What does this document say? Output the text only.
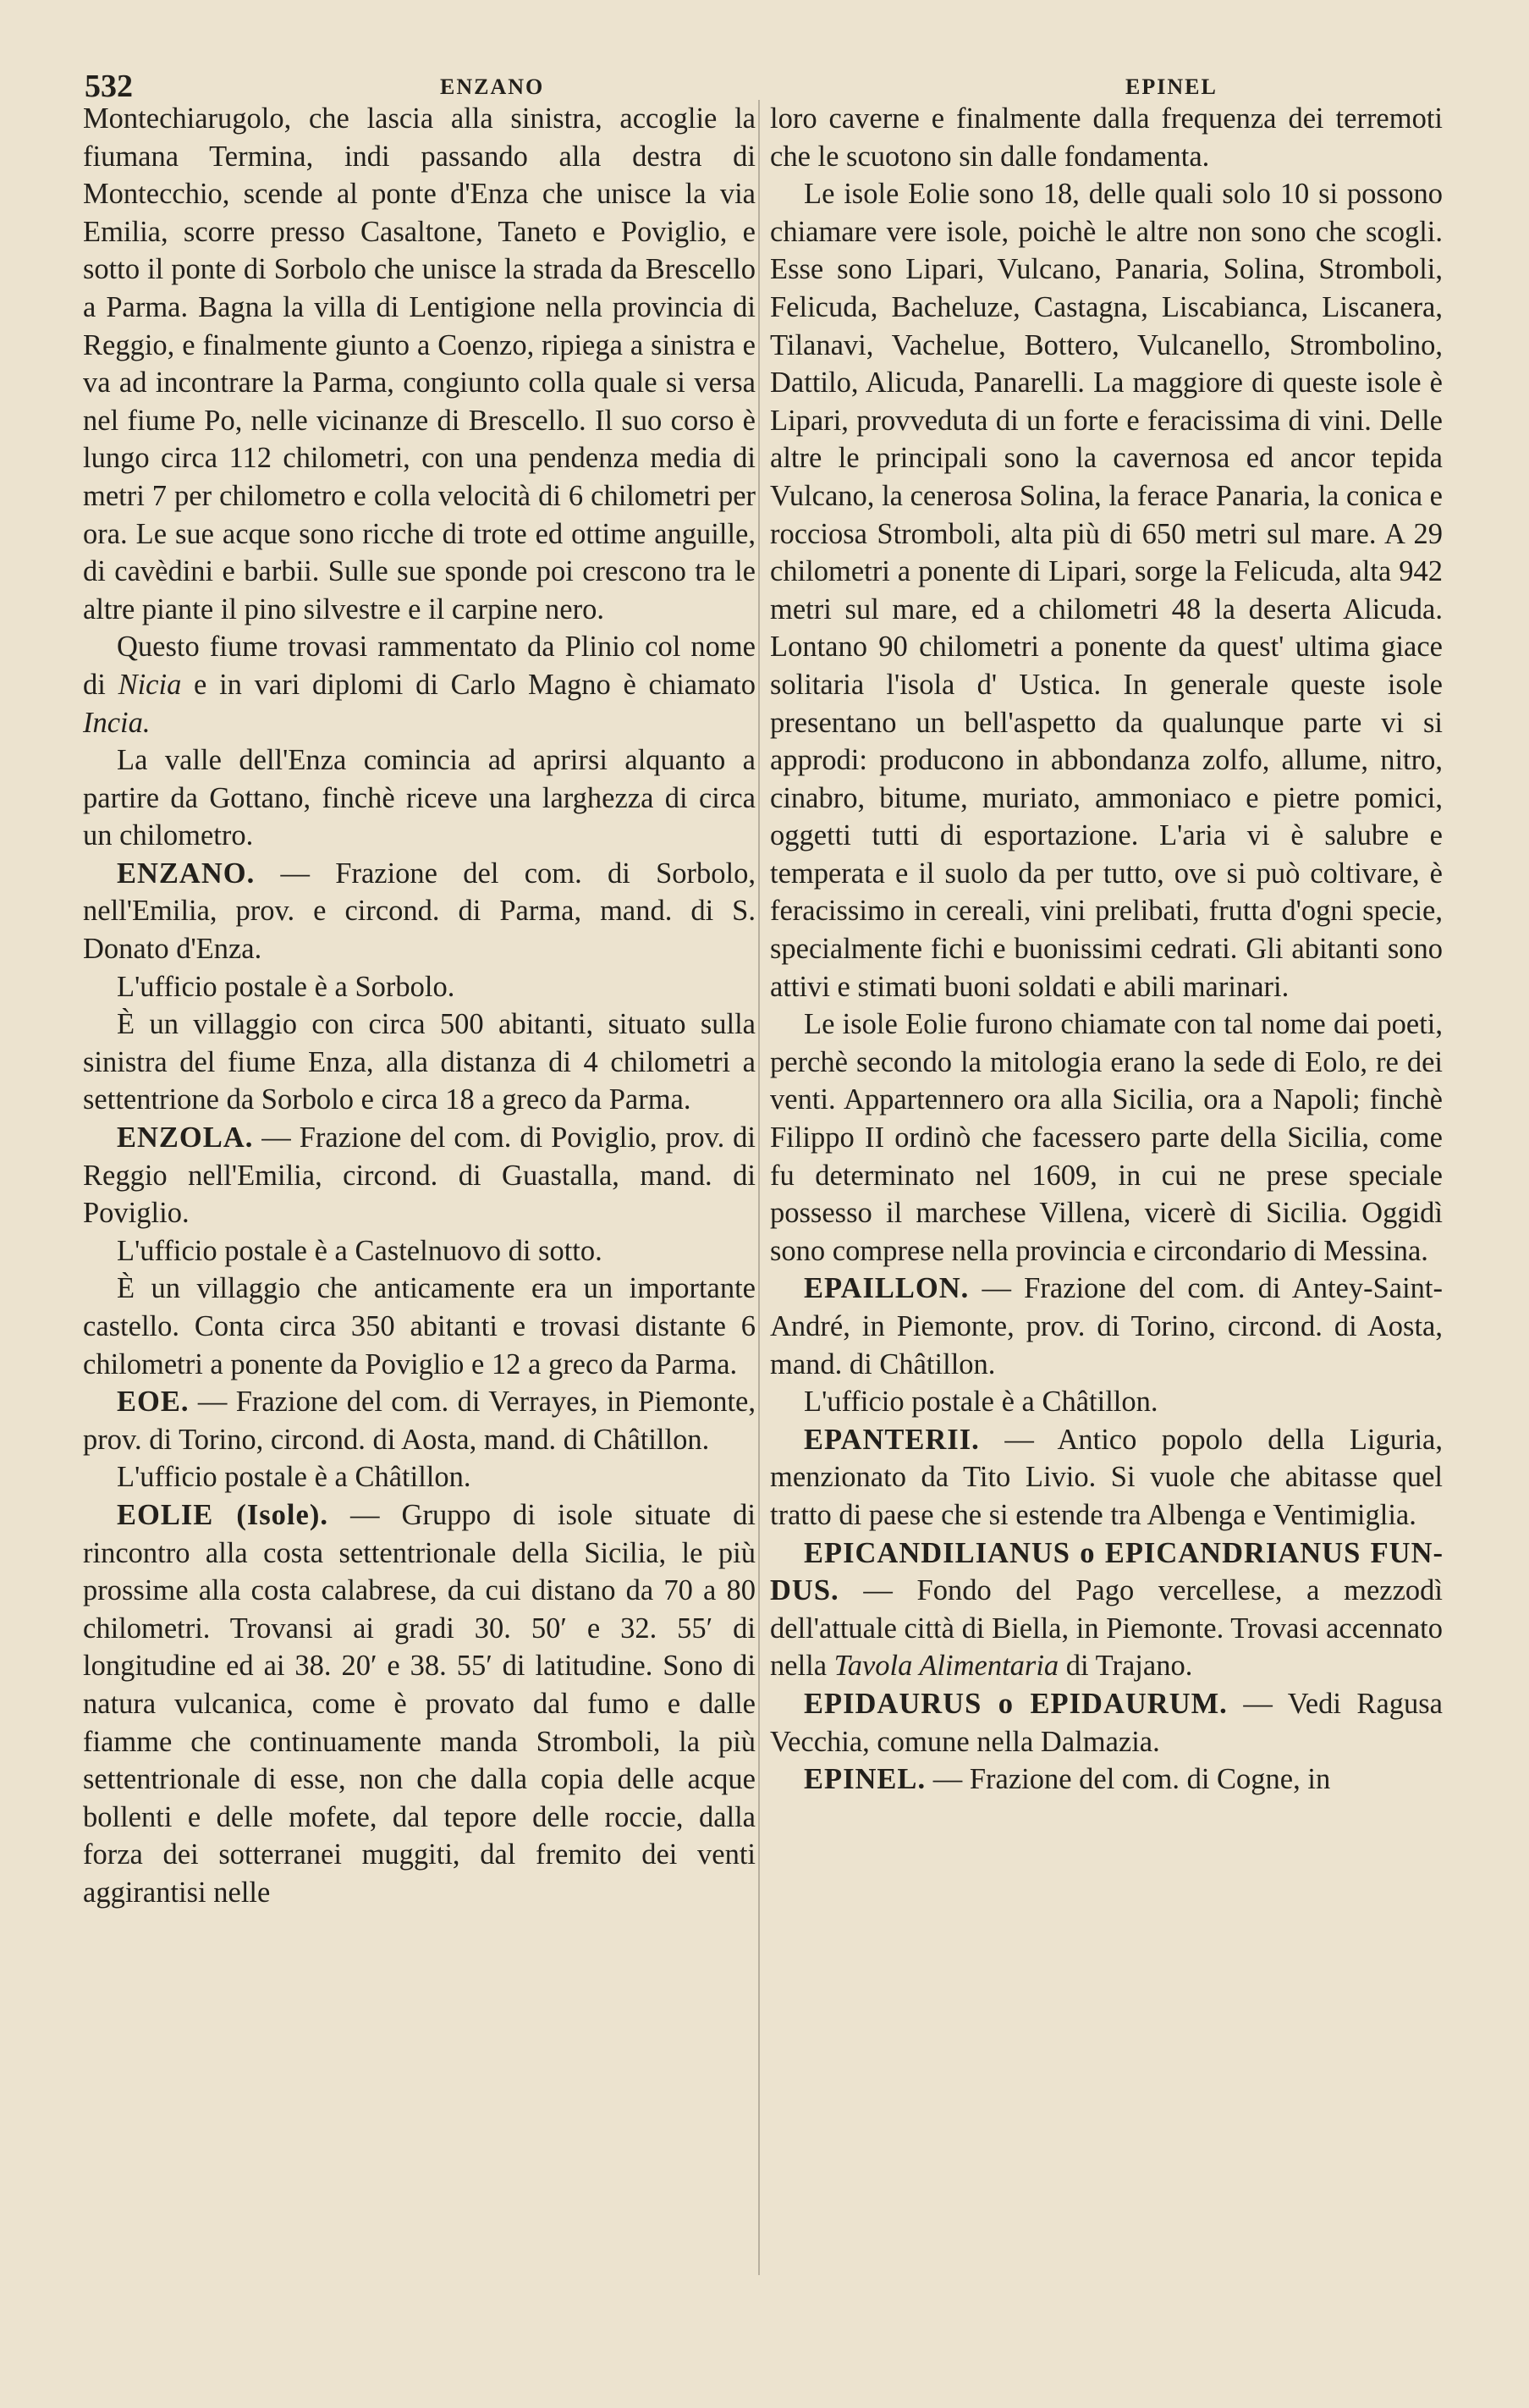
532	ENZANO	EPINEL

Montechiarugolo, che lascia alla sinistra, accoglie la fiumana Termina, indi passando alla destra di Montecchio, scende al ponte d'Enza che unisce la via Emilia, scorre presso Casaltone, Taneto e Poviglio, e sotto il ponte di Sorbolo che unisce la strada da Brescello a Parma. Bagna la villa di Lentigione nella provincia di Reggio, e finalmente giunto a Coenzo, ripiega a sinistra e va ad incontrare la Parma, congiunto colla quale si versa nel fiume Po, nelle vicinanze di Brescello. Il suo corso è lungo circa 112 chilometri, con una pendenza media di metri 7 per chilometro e colla velocità di 6 chilometri per ora. Le sue acque sono ricche di trote ed ottime anguille, di cavèdini e barbii. Sulle sue sponde poi crescono tra le altre piante il pino silvestre e il carpine nero.

Questo fiume trovasi rammentato da Plinio col nome di Nicia e in vari diplomi di Carlo Magno è chiamato Incia.

La valle dell'Enza comincia ad aprirsi alquanto a partire da Gottano, finchè riceve una larghezza di circa un chilometro.

ENZANO. — Frazione del com. di Sorbolo, nell'Emilia, prov. e circond. di Parma, mand. di S. Donato d'Enza.

L'ufficio postale è a Sorbolo.

È un villaggio con circa 500 abitanti, situato sulla sinistra del fiume Enza, alla distanza di 4 chilometri a settentrione da Sorbolo e circa 18 a greco da Parma.

ENZOLA. — Frazione del com. di Poviglio, prov. di Reggio nell'Emilia, circond. di Guastalla, mand. di Poviglio.

L'ufficio postale è a Castelnuovo di sotto.

È un villaggio che anticamente era un importante castello. Conta circa 350 abitanti e trovasi distante 6 chilometri a ponente da Poviglio e 12 a greco da Parma.

EOE. — Frazione del com. di Verrayes, in Piemonte, prov. di Torino, circond. di Aosta, mand. di Châtillon.

L'ufficio postale è a Châtillon.

EOLIE (Isole). — Gruppo di isole situate di rincontro alla costa settentrionale della Sicilia, le più prossime alla costa calabrese, da cui distano da 70 a 80 chilometri. Trovansi ai gradi 30. 50′ e 32. 55′ di longitudine ed ai 38. 20′ e 38. 55′ di latitudine. Sono di natura vulcanica, come è provato dal fumo e dalle fiamme che continuamente manda Stromboli, la più settentrionale di esse, non che dalla copia delle acque bollenti e delle mofete, dal tepore delle roccie, dalla forza dei sotterranei muggiti, dal fremito dei venti aggirantisi nelle

loro caverne e finalmente dalla frequenza dei terremoti che le scuotono sin dalle fondamenta.

Le isole Eolie sono 18, delle quali solo 10 si possono chiamare vere isole, poichè le altre non sono che scogli. Esse sono Lipari, Vulcano, Panaria, Solina, Stromboli, Felicuda, Bacheluze, Castagna, Liscabianca, Liscanera, Tilanavi, Vachelue, Bottero, Vulcanello, Strombolino, Dattilo, Alicuda, Panarelli. La maggiore di queste isole è Lipari, provveduta di un forte e feracissima di vini. Delle altre le principali sono la cavernosa ed ancor tepida Vulcano, la cenerosa Solina, la ferace Panaria, la conica e rocciosa Stromboli, alta più di 650 metri sul mare. A 29 chilometri a ponente di Lipari, sorge la Felicuda, alta 942 metri sul mare, ed a chilometri 48 la deserta Alicuda. Lontano 90 chilometri a ponente da quest' ultima giace solitaria l'isola d' Ustica. In generale queste isole presentano un bell'aspetto da qualunque parte vi si approdi: producono in abbondanza zolfo, allume, nitro, cinabro, bitume, muriato, ammoniaco e pietre pomici, oggetti tutti di esportazione. L'aria vi è salubre e temperata e il suolo da per tutto, ove si può coltivare, è feracissimo in cereali, vini prelibati, frutta d'ogni specie, specialmente fichi e buonissimi cedrati. Gli abitanti sono attivi e stimati buoni soldati e abili marinari.

Le isole Eolie furono chiamate con tal nome dai poeti, perchè secondo la mitologia erano la sede di Eolo, re dei venti. Appartennero ora alla Sicilia, ora a Napoli; finchè Filippo II ordinò che facessero parte della Sicilia, come fu determinato nel 1609, in cui ne prese speciale possesso il marchese Villena, vicerè di Sicilia. Oggidì sono comprese nella provincia e circondario di Messina.

EPAILLON. — Frazione del com. di Antey-Saint-André, in Piemonte, prov. di Torino, circond. di Aosta, mand. di Châtillon.

L'ufficio postale è a Châtillon.

EPANTERII. — Antico popolo della Liguria, menzionato da Tito Livio. Si vuole che abitasse quel tratto di paese che si estende tra Albenga e Ventimiglia.

EPICANDILIANUS o EPICANDRIANUS FUNDUS. — Fondo del Pago vercellese, a mezzodì dell'attuale città di Biella, in Piemonte. Trovasi accennato nella Tavola Alimentaria di Trajano.

EPIDAURUS o EPIDAURUM. — Vedi Ragusa Vecchia, comune nella Dalmazia.

EPINEL. — Frazione del com. di Cogne, in
